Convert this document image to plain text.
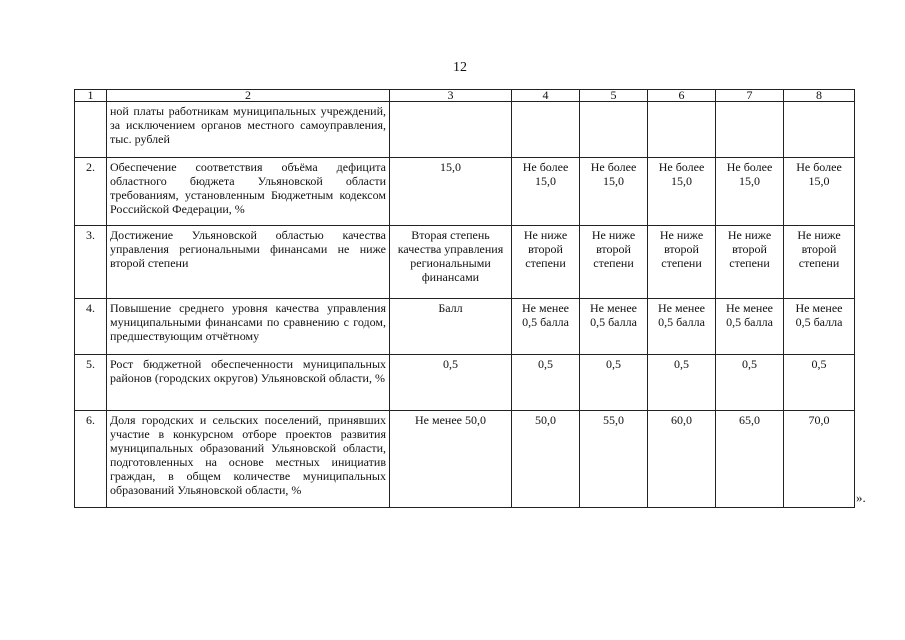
12
1	2	3	4	5	6	7	8
	ной платы работникам муниципальных учреждений, за исключением органов местного самоуправления, тыс. рублей						
2.	Обеспечение соответствия объёма дефицита областного бюджета Ульяновской области требованиям, установленным Бюджетным кодексом Российской Федерации, %	15,0	Не более 15,0	Не более 15,0	Не более 15,0	Не более 15,0	Не более 15,0
3.	Достижение Ульяновской областью качества управления региональными финансами не ниже второй степени	Вторая степень качества управления региональными финансами	Не ниже второй степени	Не ниже второй степени	Не ниже второй степени	Не ниже второй степени	Не ниже второй степени
4.	Повышение среднего уровня качества управления муниципальными финансами по сравнению с годом, предшествующим отчётному	Балл	Не менее 0,5 балла	Не менее 0,5 балла	Не менее 0,5 балла	Не менее 0,5 балла	Не менее 0,5 балла
5.	Рост бюджетной обеспеченности муниципальных районов (городских округов) Ульяновской области, %	0,5	0,5	0,5	0,5	0,5	0,5
6.	Доля городских и сельских поселений, принявших участие в конкурсном отборе проектов развития муниципальных образований Ульяновской области, подготовленных на основе местных инициатив граждан, в общем количестве муниципальных образований Ульяновской области, %	Не менее 50,0	50,0	55,0	60,0	65,0	70,0
».
